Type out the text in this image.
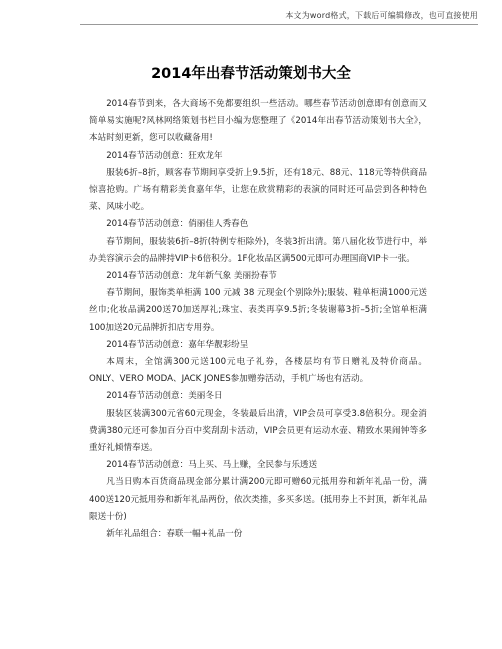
本文为word格式，下载后可编辑修改，也可直接使用
2014年出春节活动策划书大全

2014春节到来，各大商场不免都要组织一些活动。哪些春节活动创意即有创意而又简单易实施呢?风林网络策划书栏目小编为您整理了《2014年出春节活动策划书大全》，本站时刻更新，您可以收藏备用!

2014春节活动创意：狂欢龙年

服装6折–8折，顾客春节期间享受折上9.5折，还有18元、88元、118元等特供商品惊喜抢购。广场有精彩美食嘉年华，让您在欣赏精彩的表演的同时还可品尝到各种特色菜、风味小吃。

2014春节活动创意：俏丽佳人秀春色

春节期间，服装装6折–8折(特例专柜除外)，冬装3折出清。第八届化妆节进行中，举办美容演示会的品牌持VIP卡6倍积分。1F化妆品区满500元即可办理国商VIP卡一张。

2014春节活动创意：龙年新气象 美丽扮春节

春节期间，服饰类单柜满 100 元减 38 元现金(个别除外);服装、鞋单柜满1000元送丝巾;化妆品满200送70加送厚礼;珠宝、表类再享9.5折;冬装谢幕3折–5折;全馆单柜满100加送20元品牌折扣店专用券。

2014春节活动创意：嘉年华靓彩纷呈

本周末，全馆满300元送100元电子礼券，各楼层均有节日赠礼及特价商品。ONLY、VERO MODA、JACK JONES参加赠券活动，手机广场也有活动。

2014春节活动创意：美丽冬日

服装区装满300元省60元现金，冬装最后出清，VIP会员可享受3.8倍积分。现金消费满380元还可参加百分百中奖刮刮卡活动，VIP会员更有运动水壶、精致水果闹钟等多重好礼倾情奉送。

2014春节活动创意：马上买、马上赚，全民参与乐透送

凡当日购本百货商品现金部分累计满200元即可赠60元抵用券和新年礼品一份，满400送120元抵用券和新年礼品两份，依次类推，多买多送。(抵用券上不封顶，新年礼品限送十份)

新年礼品组合：春联一幅+礼品一份
